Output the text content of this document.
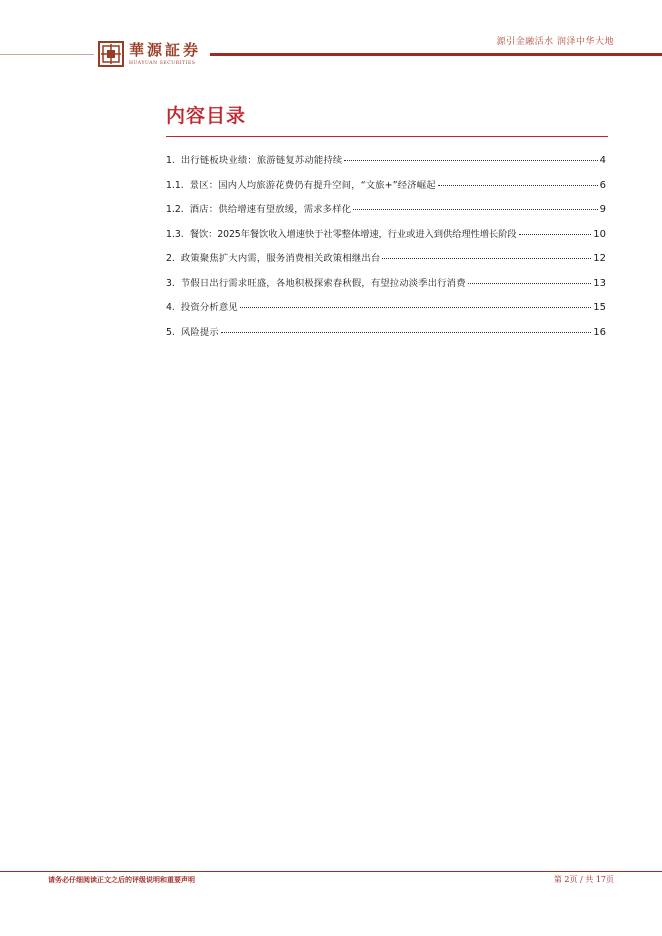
華源証券
HUAYUAN SECURITIES
源引金融活水 润泽中华大地
内容目录
1. 出行链板块业绩：旅游链复苏动能持续	4
1.1. 景区：国内人均旅游花费仍有提升空间，“文旅+”经济崛起	6
1.2. 酒店：供给增速有望放缓，需求多样化	9
1.3. 餐饮：2025年餐饮收入增速快于社零整体增速，行业或进入到供给理性增长阶段	10
2. 政策聚焦扩大内需，服务消费相关政策相继出台	12
3. 节假日出行需求旺盛，各地积极探索春秋假，有望拉动淡季出行消费	13
4. 投资分析意见	15
5. 风险提示	16
请务必仔细阅读正文之后的评级说明和重要声明	第 2页 / 共 17页
